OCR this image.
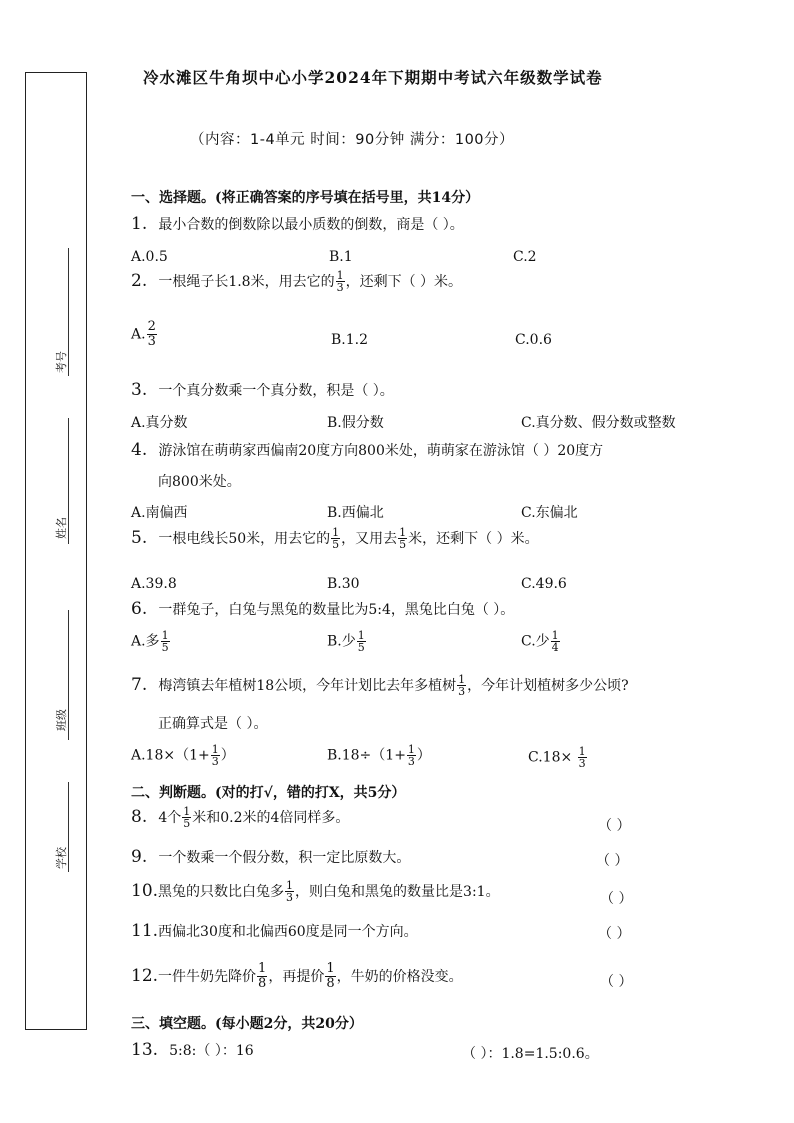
考号
姓名
班级
学校
冷水滩区牛角坝中心小学2024年下期期中考试六年级数学试卷
（内容：1-4单元 时间：90分钟 满分：100分）
一、选择题。(将正确答案的序号填在括号里，共14分）
1. 最小合数的倒数除以最小质数的倒数，商是（ ）。
A.0.5	B.1	C.2
2. 一根绳子长1.8米，用去它的 $\frac{1}{3}$ ，还剩下（ ）米。
A. $\frac{2}{3}$	B.1.2	C.0.6
3. 一个真分数乘一个真分数，积是（ ）。
A.真分数	B.假分数	C.真分数、假分数或整数
4. 游泳馆在萌萌家西偏南20度方向800米处，萌萌家在游泳馆（ ）20度方
向800米处。
A.南偏西	B.西偏北	C.东偏北
5. 一根电线长50米，用去它的 $\frac{1}{5}$ ，又用去 $\frac{1}{5}$ 米，还剩下（ ）米。
A.39.8	B.30	C.49.6
6. 一群兔子，白兔与黑兔的数量比为5:4，黑兔比白兔（ ）。
A.多 $\frac{1}{5}$	B.少 $\frac{1}{5}$	C.少 $\frac{1}{4}$
7. 梅湾镇去年植树18公顷，今年计划比去年多植树 $\frac{1}{3}$ ，今年计划植树多少公顷?
正确算式是（ ）。
$A.18\times(1+ \frac{1}{3}$ ）	$B.18\div(1+ \frac{1}{3}$ ）	$C.18\times \frac{1}{3}$
二、判断题。(对的打√，错的打X，共5分）
8. 4个 $\frac{1}{5}$ 米和0.2米的4倍同样多。	（ ）
9. 一个数乘一个假分数，积一定比原数大。	（ ）
10.黑兔的只数比白兔多 $\frac{1}{3}$ ，则白兔和黑兔的数量比是3:1。	（ ）
11.西偏北30度和北偏西60度是同一个方向。	（ ）
12.一件牛奶先降价 $\frac{1}{8}$ ，再提价 $\frac{1}{8}$ ，牛奶的价格没变。	（ ）
三、填空题。(每小题2分，共20分）
13. 5:8:（ ）：16	（ ）：1.8=1.5:0.6。
